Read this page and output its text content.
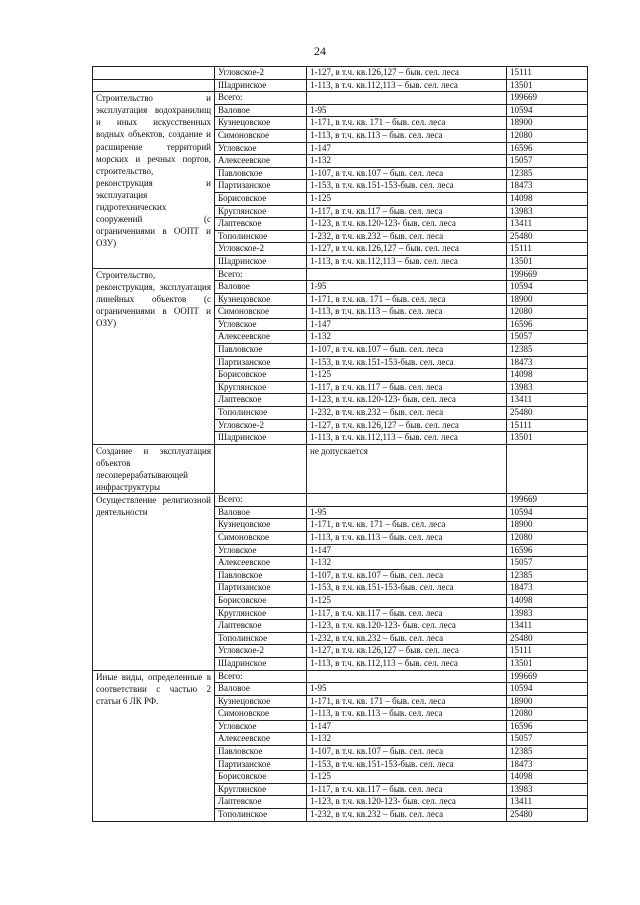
24
	Угловское-2	1-127, в т.ч. кв.126,127 – быв. сел. леса	15111
	Шадринское	1-113, в т.ч. кв.112,113 – быв. сел. леса	13501
Строительство и эксплуатация водохранилищ и иных искусственных водных объектов, создание и расширение территорий морских и речных портов, строительство, реконструкция и эксплуатация гидротехнических сооружений (с ограничениями в ООПТ и ОЗУ)	Всего:		199669
	Валовое	1-95	10594
	Кузнецовское	1-171, в т.ч. кв. 171 – быв. сел. леса	18900
	Симоновское	1-113, в т.ч. кв.113 – быв. сел. леса	12080
	Угловское	1-147	16596
	Алексеевское	1-132	15057
	Павловское	1-107, в т.ч. кв.107 – быв. сел. леса	12385
	Партизанское	1-153, в т.ч. кв.151-153-быв. сел. леса	18473
	Борисовское	1-125	14098
	Круглянское	1-117, в т.ч. кв.117 – быв. сел. леса	13983
	Лаптевское	1-123, в т.ч. кв.120-123- быв. сел. леса	13411
	Тополинское	1-232, в т.ч. кв.232 – быв. сел. леса	25480
	Угловское-2	1-127, в т.ч. кв.126,127 – быв. сел. леса	15111
	Шадринское	1-113, в т.ч. кв.112,113 – быв. сел. леса	13501
Строительство, реконструкция, эксплуатация линейных объектов (с ограничениями в ООПТ и ОЗУ)	Всего:		199669
	Валовое	1-95	10594
	Кузнецовское	1-171, в т.ч. кв. 171 – быв. сел. леса	18900
	Симоновское	1-113, в т.ч. кв.113 – быв. сел. леса	12080
	Угловское	1-147	16596
	Алексеевское	1-132	15057
	Павловское	1-107, в т.ч. кв.107 – быв. сел. леса	12385
	Партизанское	1-153, в т.ч. кв.151-153-быв. сел. леса	18473
	Борисовское	1-125	14098
	Круглянское	1-117, в т.ч. кв.117 – быв. сел. леса	13983
	Лаптевское	1-123, в т.ч. кв.120-123- быв. сел. леса	13411
	Тополинское	1-232, в т.ч. кв.232 – быв. сел. леса	25480
	Угловское-2	1-127, в т.ч. кв.126,127 – быв. сел. леса	15111
	Шадринское	1-113, в т.ч. кв.112,113 – быв. сел. леса	13501
Создание и эксплуатация объектов лесоперерабатывающей инфраструктуры		не допускается	
Осуществление религиозной деятельности	Всего:		199669
	Валовое	1-95	10594
	Кузнецовское	1-171, в т.ч. кв. 171 – быв. сел. леса	18900
	Симоновское	1-113, в т.ч. кв.113 – быв. сел. леса	12080
	Угловское	1-147	16596
	Алексеевское	1-132	15057
	Павловское	1-107, в т.ч. кв.107 – быв. сел. леса	12385
	Партизанское	1-153, в т.ч. кв.151-153-быв. сел. леса	18473
	Борисовское	1-125	14098
	Круглянское	1-117, в т.ч. кв.117 – быв. сел. леса	13983
	Лаптевское	1-123, в т.ч. кв.120-123- быв. сел. леса	13411
	Тополинское	1-232, в т.ч. кв.232 – быв. сел. леса	25480
	Угловское-2	1-127, в т.ч. кв.126,127 – быв. сел. леса	15111
	Шадринское	1-113, в т.ч. кв.112,113 – быв. сел. леса	13501
Иные виды, определенные в соответствии с частью 2 статьи 6 ЛК РФ.	Всего:		199669
	Валовое	1-95	10594
	Кузнецовское	1-171, в т.ч. кв. 171 – быв. сел. леса	18900
	Симоновское	1-113, в т.ч. кв.113 – быв. сел. леса	12080
	Угловское	1-147	16596
	Алексеевское	1-132	15057
	Павловское	1-107, в т.ч. кв.107 – быв. сел. леса	12385
	Партизанское	1-153, в т.ч. кв.151-153-быв. сел. леса	18473
	Борисовское	1-125	14098
	Круглянское	1-117, в т.ч. кв.117 – быв. сел. леса	13983
	Лаптевское	1-123, в т.ч. кв.120-123- быв. сел. леса	13411
	Тополинское	1-232, в т.ч. кв.232 – быв. сел. леса	25480
